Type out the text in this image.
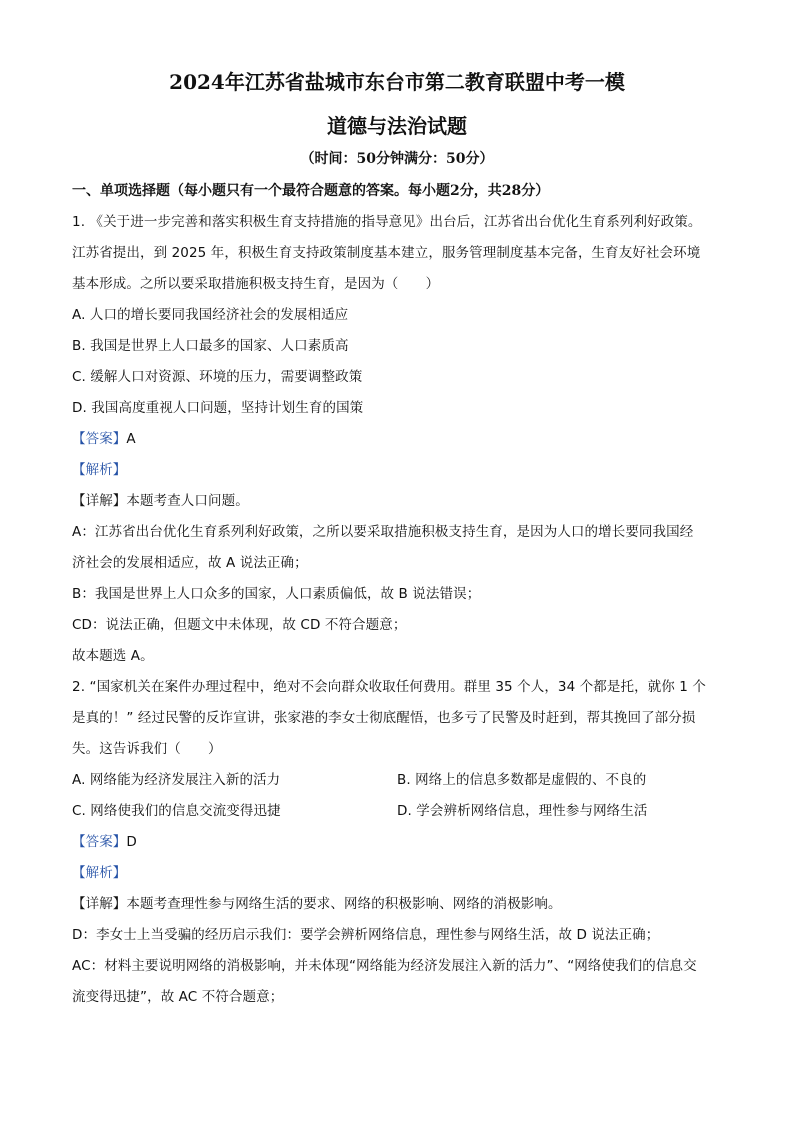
2024年江苏省盐城市东台市第二教育联盟中考一模
道德与法治试题
（时间：50分钟满分：50分）

一、单项选择题（每小题只有一个最符合题意的答案。每小题2分，共28分）

1. 《关于进一步完善和落实积极生育支持措施的指导意见》出台后，江苏省出台优化生育系列利好政策。

江苏省提出，到 2025 年，积极生育支持政策制度基本建立，服务管理制度基本完备，生育友好社会环境

基本形成。之所以要采取措施积极支持生育，是因为（　　）

A. 人口的增长要同我国经济社会的发展相适应

B. 我国是世界上人口最多的国家、人口素质高

C. 缓解人口对资源、环境的压力，需要调整政策

D. 我国高度重视人口问题，坚持计划生育的国策

【答案】A

【解析】

【详解】本题考查人口问题。

A：江苏省出台优化生育系列利好政策，之所以要采取措施积极支持生育，是因为人口的增长要同我国经

济社会的发展相适应，故 A 说法正确；

B：我国是世界上人口众多的国家，人口素质偏低，故 B 说法错误；

CD：说法正确，但题文中未体现，故 CD 不符合题意；

故本题选 A。

2. “国家机关在案件办理过程中，绝对不会向群众收取任何费用。群里 35 个人，34 个都是托，就你 1 个

是真的！” 经过民警的反诈宣讲，张家港的李女士彻底醒悟，也多亏了民警及时赶到，帮其挽回了部分损

失。这告诉我们（　　）

A. 网络能为经济发展注入新的活力	B. 网络上的信息多数都是虚假的、不良的
C. 网络使我们的信息交流变得迅捷	D. 学会辨析网络信息，理性参与网络生活

【答案】D

【解析】

【详解】本题考查理性参与网络生活的要求、网络的积极影响、网络的消极影响。

D：李女士上当受骗的经历启示我们：要学会辨析网络信息，理性参与网络生活，故 D 说法正确；

AC：材料主要说明网络的消极影响，并未体现“网络能为经济发展注入新的活力”、“网络使我们的信息交

流变得迅捷”，故 AC 不符合题意；
